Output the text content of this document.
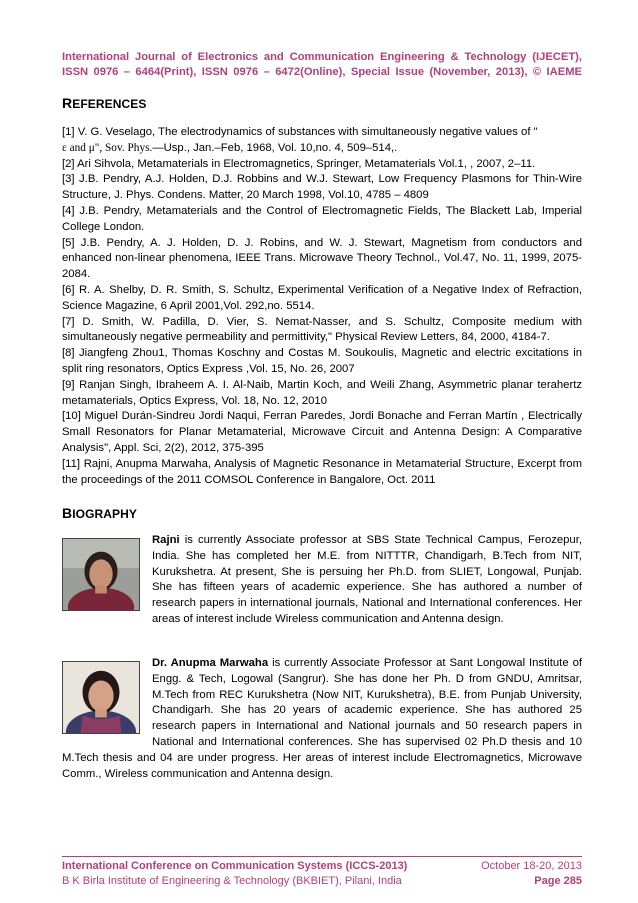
International Journal of Electronics and Communication Engineering & Technology (IJECET),
ISSN 0976 – 6464(Print), ISSN 0976 – 6472(Online), Special Issue (November, 2013), © IAEME
REFERENCES

[1] V. G. Veselago, The electrodynamics of substances with simultaneously negative values of "
ε and μ", Sov. Phys.—Usp., Jan.–Feb, 1968, Vol. 10,no. 4, 509–514,.

[2] Ari Sihvola, Metamaterials in Electromagnetics, Springer, Metamaterials Vol.1, , 2007, 2–11.

[3] J.B. Pendry, A.J. Holden, D.J. Robbins and W.J. Stewart, Low Frequency Plasmons for Thin-Wire Structure, J. Phys. Condens. Matter, 20 March 1998, Vol.10, 4785 – 4809

[4] J.B. Pendry, Metamaterials and the Control of Electromagnetic Fields, The Blackett Lab, Imperial College London.

[5] J.B. Pendry, A. J. Holden, D. J. Robins, and W. J. Stewart, Magnetism from conductors and enhanced non-linear phenomena, IEEE Trans. Microwave Theory Technol., Vol.47, No. 11, 1999, 2075-2084.

[6] R. A. Shelby, D. R. Smith, S. Schultz, Experimental Verification of a Negative Index of Refraction, Science Magazine, 6 April 2001,Vol. 292,no. 5514.

[7] D. Smith, W. Padilla, D. Vier, S. Nemat-Nasser, and S. Schultz, Composite medium with simultaneously negative permeability and permittivity," Physical Review Letters, 84, 2000, 4184-7.

[8] Jiangfeng Zhou1, Thomas Koschny and Costas M. Soukoulis, Magnetic and electric excitations in split ring resonators, Optics Express ,Vol. 15, No. 26, 2007

[9] Ranjan Singh, Ibraheem A. I. Al-Naib, Martin Koch, and Weili Zhang, Asymmetric planar terahertz metamaterials, Optics Express, Vol. 18, No. 12, 2010

[10] Miguel Durán-Sindreu Jordi Naqui, Ferran Paredes, Jordi Bonache and Ferran Martín , Electrically Small Resonators for Planar Metamaterial, Microwave Circuit and Antenna Design: A Comparative Analysis", Appl. Sci, 2(2), 2012, 375-395

[11] Rajni, Anupma Marwaha, Analysis of Magnetic Resonance in Metamaterial Structure, Excerpt from the proceedings of the 2011 COMSOL Conference in Bangalore, Oct. 2011

BIOGRAPHY

Rajni is currently Associate professor at SBS State Technical Campus, Ferozepur, India. She has completed her M.E. from NITTTR, Chandigarh, B.Tech from NIT, Kurukshetra. At present, She is persuing her Ph.D. from SLIET, Longowal, Punjab. She has fifteen years of academic experience. She has authored a number of research papers in international journals, National and International conferences. Her areas of interest include Wireless communication and Antenna design.

Dr. Anupma Marwaha is currently Associate Professor at Sant Longowal Institute of Engg. & Tech, Logowal (Sangrur). She has done her Ph. D from GNDU, Amritsar, M.Tech from REC Kurukshetra (Now NIT, Kurukshetra), B.E. from Punjab University, Chandigarh. She has 20 years of academic experience. She has authored 25 research papers in International and National journals and 50 research papers in National and International conferences. She has supervised 02 Ph.D thesis and 10 M.Tech thesis and 04 are under progress. Her areas of interest include Electromagnetics, Microwave Comm., Wireless communication and Antenna design.

International Conference on Communication Systems (ICCS-2013)	October 18-20, 2013
B K Birla Institute of Engineering & Technology (BKBIET), Pilani, India	Page 285
